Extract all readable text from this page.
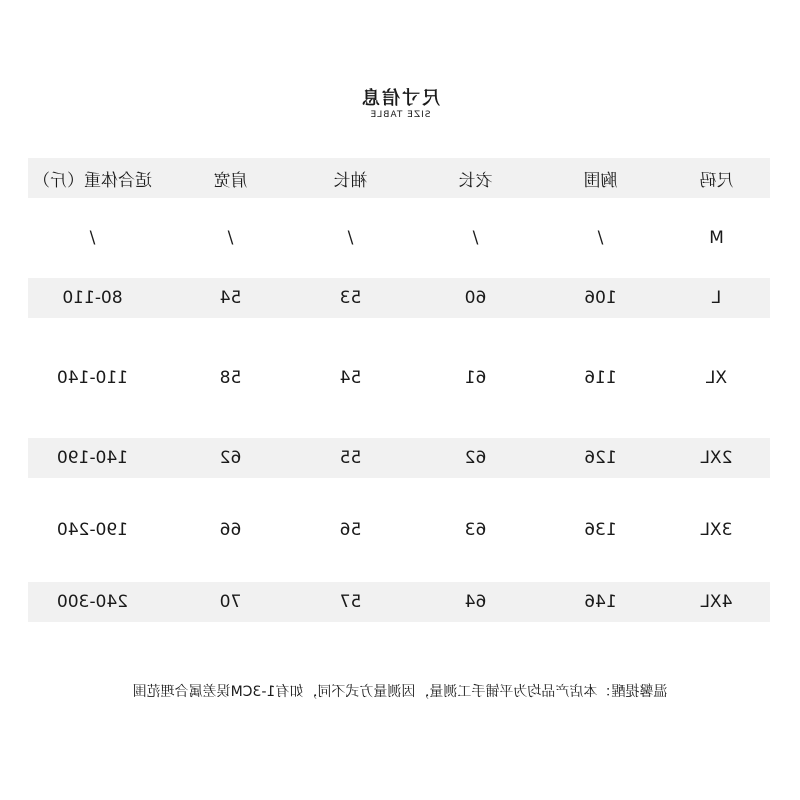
尺寸信息
SIZE TABLE
尺码
胸围
衣长
袖长
肩宽
适合体重（斤）
M
/
/
/
/
/
L
106
60
53
54
80-110
XL
116
61
54
58
110-140
2XL
126
62
55
62
140-190
3XL
136
63
56
66
190-240
4XL
146
64
57
70
240-300
温馨提醒：本店产品均为平铺手工测量，因测量方式不同，如有1-3CM误差属合理范围
